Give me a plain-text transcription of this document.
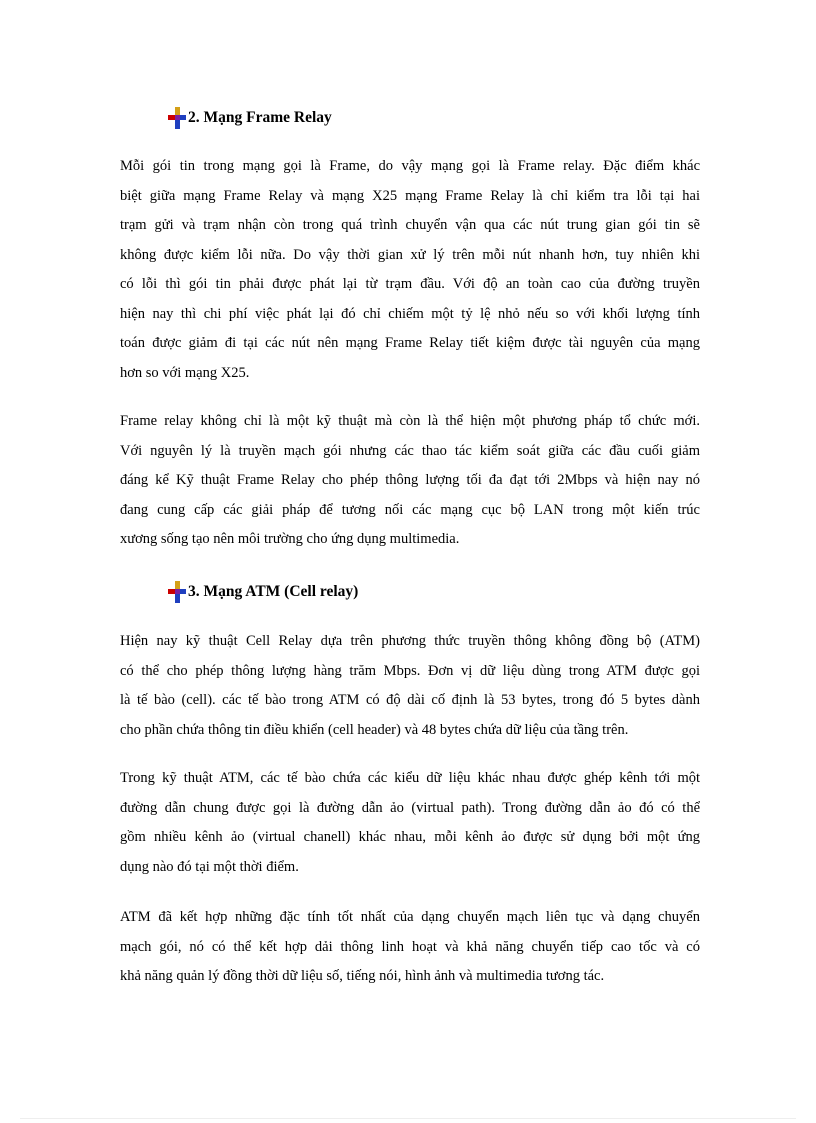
2. Mạng Frame Relay
Mỗi gói tin trong mạng gọi là Frame, do vậy mạng gọi là Frame relay. Đặc điểm khác
biệt giữa mạng Frame Relay và mạng X25 mạng Frame Relay là chỉ kiểm tra lỗi tại hai
trạm gửi và trạm nhận còn trong quá trình chuyển vận qua các nút trung gian gói tin sẽ
không được kiểm lỗi nữa. Do vậy thời gian xử lý trên mỗi nút nhanh hơn, tuy nhiên khi
có lỗi thì gói tin phải được phát lại từ trạm đầu. Với độ an toàn cao của đường truyền
hiện nay thì chi phí việc phát lại đó chỉ chiếm một tỷ lệ nhỏ nếu so với khối lượng tính
toán được giảm đi tại các nút nên mạng Frame Relay tiết kiệm được tài nguyên của mạng
hơn so với mạng X25.
Frame relay không chỉ là một kỹ thuật mà còn là thể hiện một phương pháp tổ chức mới.
Với nguyên lý là truyền mạch gói nhưng các thao tác kiểm soát giữa các đầu cuối giảm
đáng kể Kỹ thuật Frame Relay cho phép thông lượng tối đa đạt tới 2Mbps và hiện nay nó
đang cung cấp các giải pháp để tương nối các mạng cục bộ LAN trong một kiến trúc
xương sống tạo nên môi trường cho ứng dụng multimedia.
3. Mạng ATM (Cell relay)
Hiện nay kỹ thuật Cell Relay dựa trên phương thức truyền thông không đồng bộ (ATM)
có thể cho phép thông lượng hàng trăm Mbps. Đơn vị dữ liệu dùng trong ATM được gọi
là tế bào (cell). các tế bào trong ATM có độ dài cố định là 53 bytes, trong đó 5 bytes dành
cho phần chứa thông tin điều khiển (cell header) và 48 bytes chứa dữ liệu của tầng trên.
Trong kỹ thuật ATM, các tế bào chứa các kiểu dữ liệu khác nhau được ghép kênh tới một
đường dẫn chung được gọi là đường dẫn ảo (virtual path). Trong đường dẫn ảo đó có thể
gồm nhiều kênh ảo (virtual chanell) khác nhau, mỗi kênh ảo được sử dụng bởi một ứng
dụng nào đó tại một thời điểm.
ATM đã kết hợp những đặc tính tốt nhất của dạng chuyển mạch liên tục và dạng chuyển
mạch gói, nó có thể kết hợp dải thông linh hoạt và khả năng chuyển tiếp cao tốc và có
khả năng quản lý đồng thời dữ liệu số, tiếng nói, hình ảnh và multimedia tương tác.
